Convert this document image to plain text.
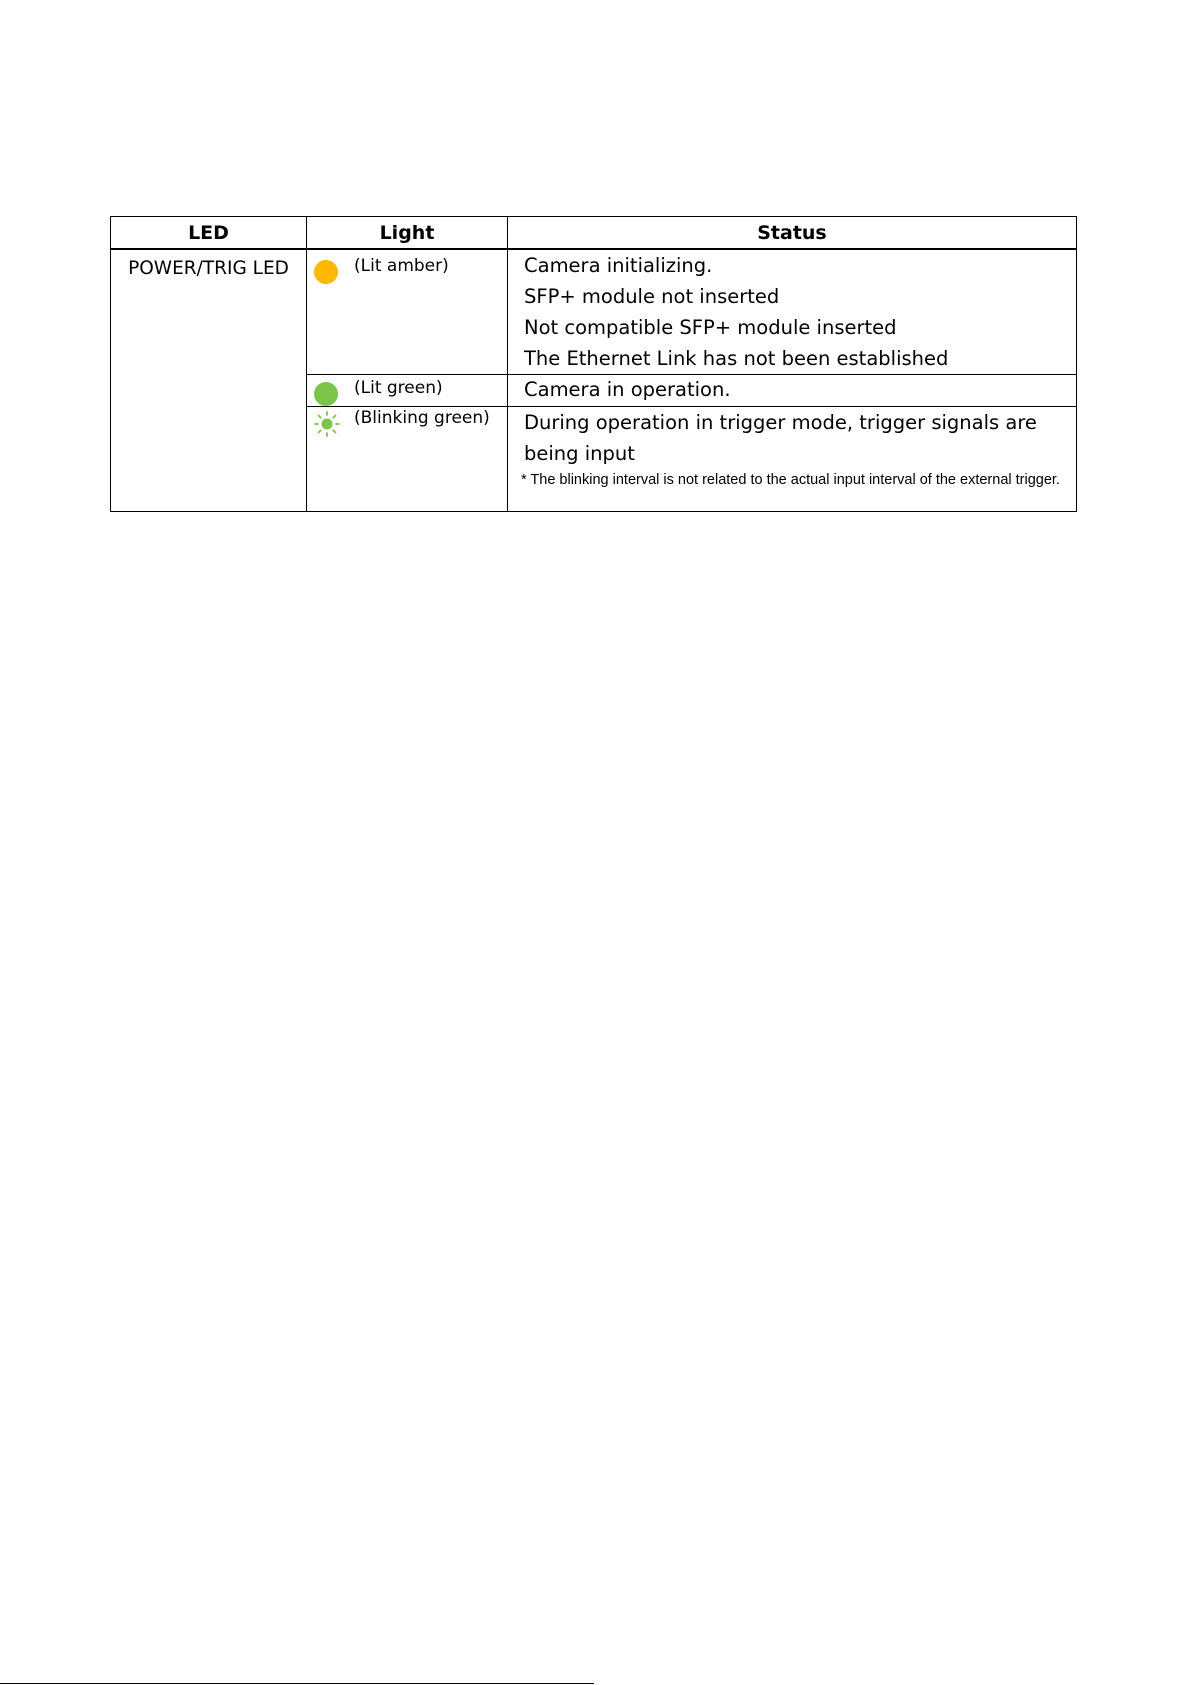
LED	Light	Status
POWER/TRIG LED	(Lit amber)	Camera initializing.
SFP+ module not inserted
Not compatible SFP+ module inserted
The Ethernet Link has not been established

	(Lit green)	Camera in operation.

	(Blinking green)	During operation in trigger mode, trigger signals are
being input
* The blinking interval is not related to the actual input interval of the external trigger.
